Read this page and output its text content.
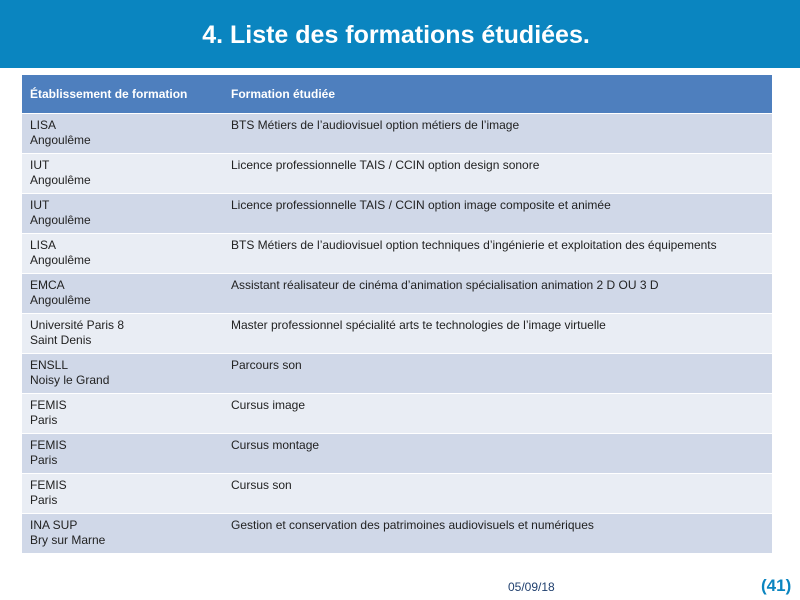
4. Liste des formations étudiées.
Établissement de formation	Formation étudiée

LISA
Angoulême	BTS Métiers de l’audiovisuel option métiers de l’image

IUT
Angoulême	Licence professionnelle TAIS / CCIN option design sonore

IUT
Angoulême	Licence professionnelle TAIS / CCIN option image composite et animée

LISA
Angoulême	BTS Métiers de l’audiovisuel option techniques d’ingénierie et exploitation des équipements

EMCA
Angoulême	Assistant réalisateur de cinéma d’animation spécialisation animation 2 D OU 3 D

Université Paris 8
Saint Denis	Master professionnel spécialité arts te technologies de l’image virtuelle

ENSLL
Noisy le Grand	Parcours son

FEMIS
Paris	Cursus image

FEMIS
Paris	Cursus montage

FEMIS
Paris	Cursus son

INA SUP
Bry sur Marne	Gestion et conservation des patrimoines audiovisuels et numériques
05/09/18	(41)
